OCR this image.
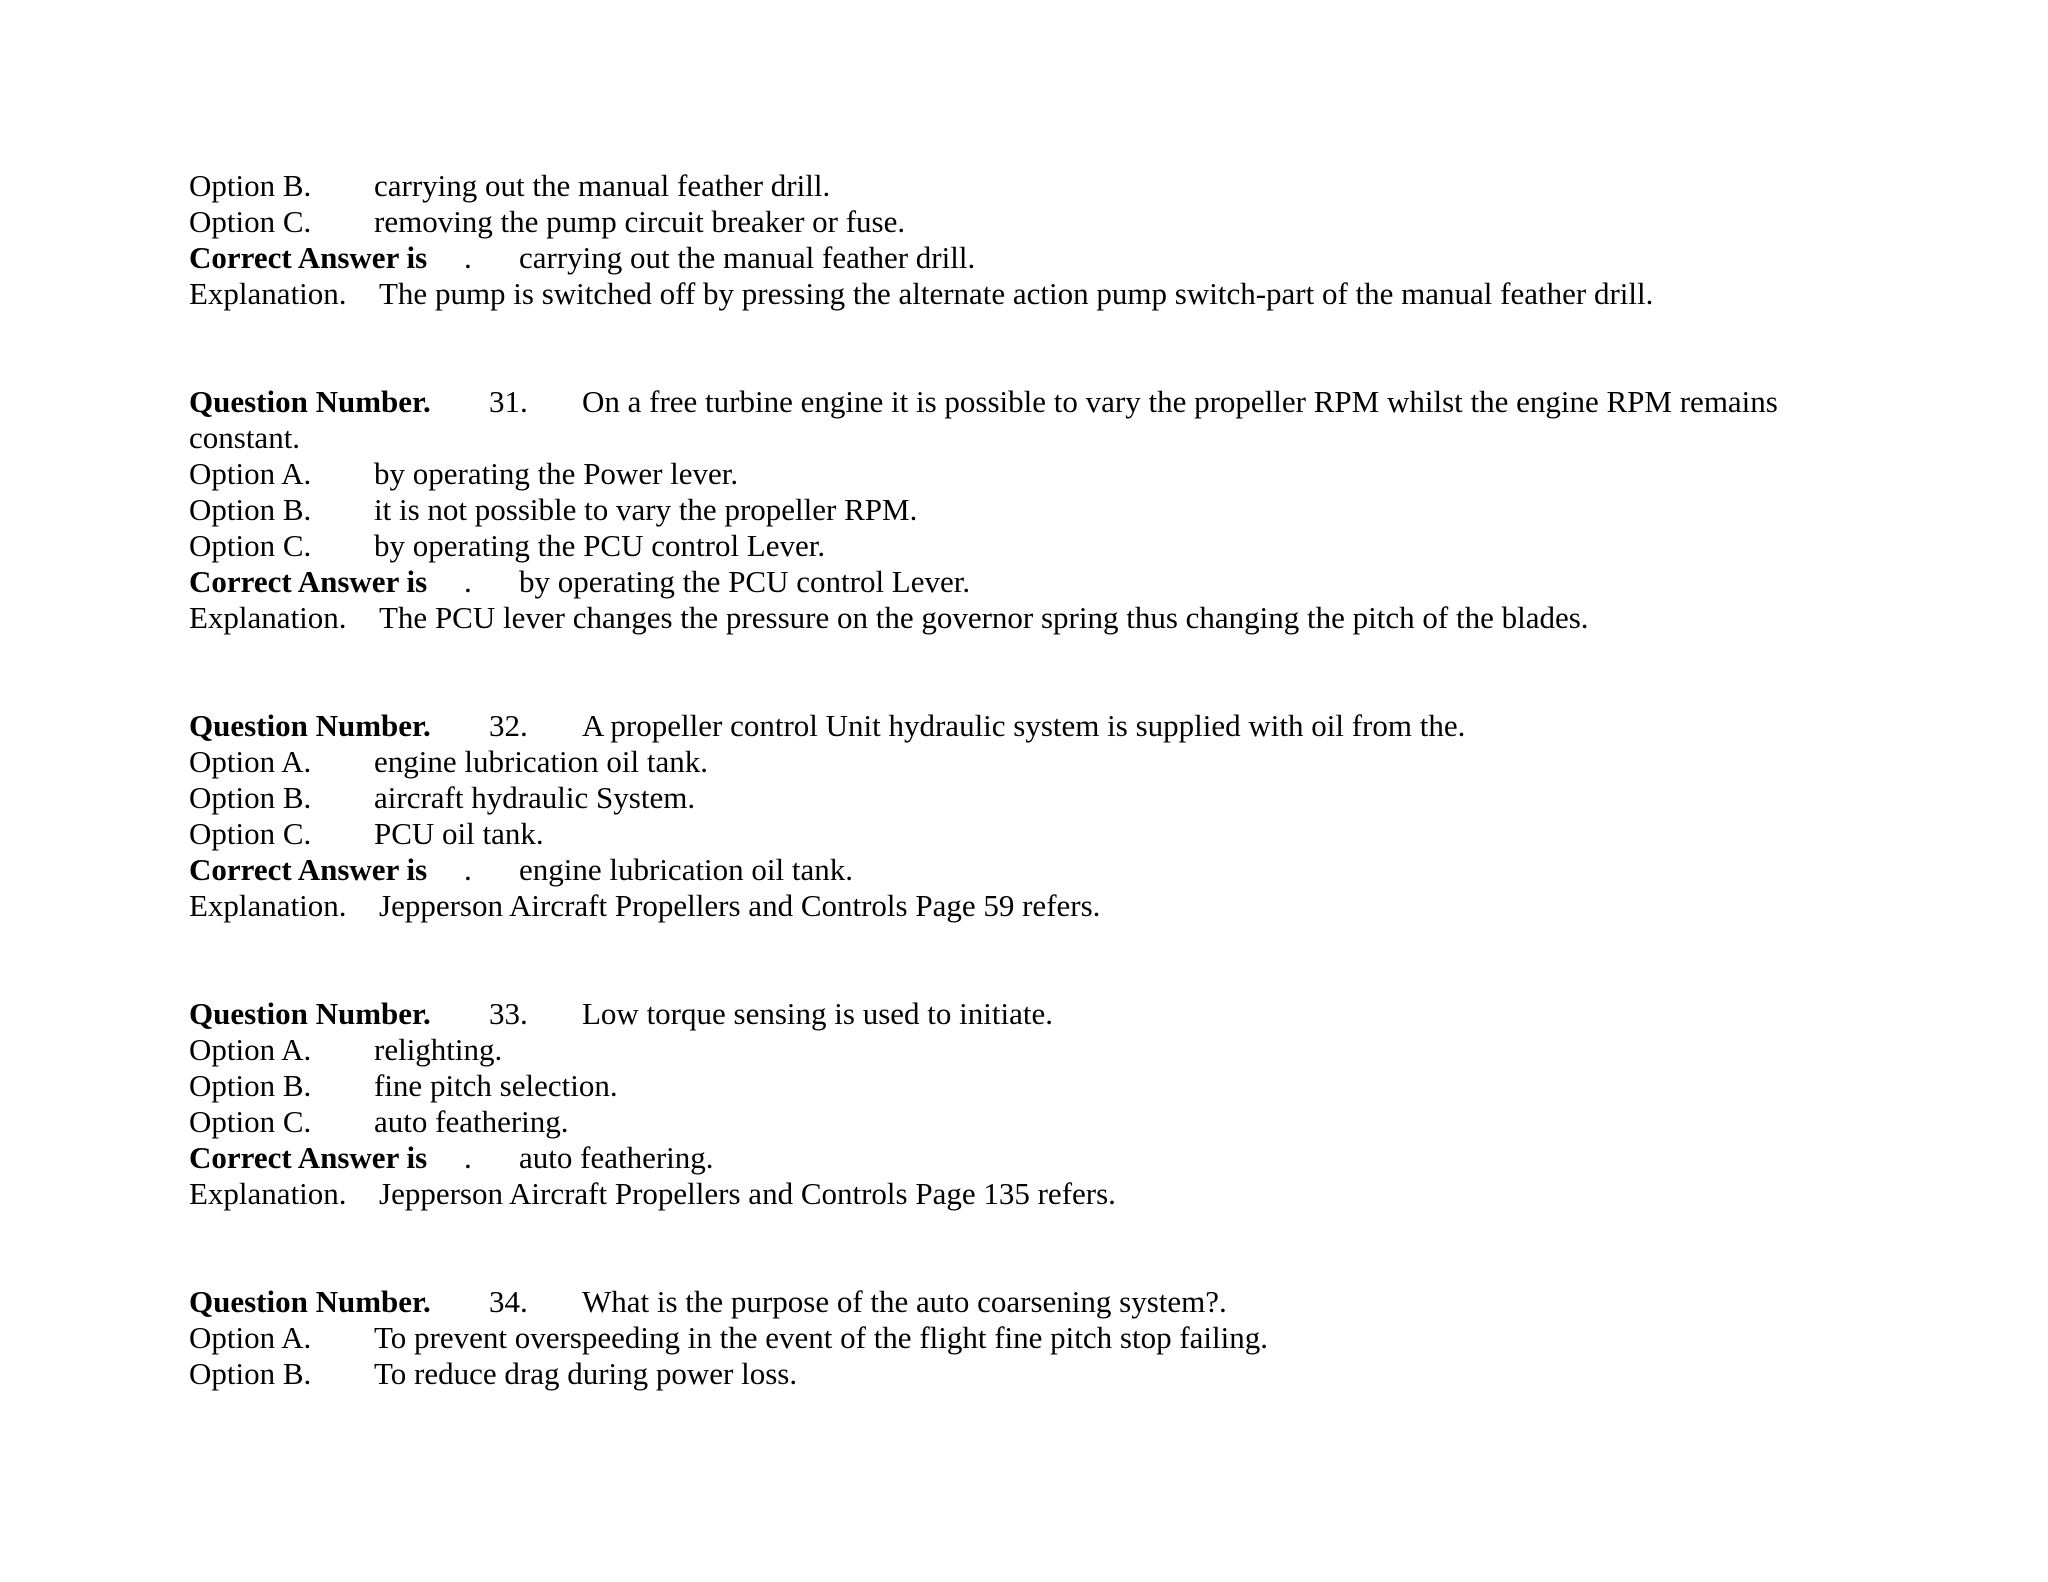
Option B. carrying out the manual feather drill.
Option C. removing the pump circuit breaker or fuse.
Correct Answer is . carrying out the manual feather drill.
Explanation. The pump is switched off by pressing the alternate action pump switch-part of the manual feather drill.
Question Number. 31. On a free turbine engine it is possible to vary the propeller RPM whilst the engine RPM remains
constant.
Option A. by operating the Power lever.
Option B. it is not possible to vary the propeller RPM.
Option C. by operating the PCU control Lever.
Correct Answer is . by operating the PCU control Lever.
Explanation. The PCU lever changes the pressure on the governor spring thus changing the pitch of the blades.
Question Number. 32. A propeller control Unit hydraulic system is supplied with oil from the.
Option A. engine lubrication oil tank.
Option B. aircraft hydraulic System.
Option C. PCU oil tank.
Correct Answer is . engine lubrication oil tank.
Explanation. Jepperson Aircraft Propellers and Controls Page 59 refers.
Question Number. 33. Low torque sensing is used to initiate.
Option A. relighting.
Option B. fine pitch selection.
Option C. auto feathering.
Correct Answer is . auto feathering.
Explanation. Jepperson Aircraft Propellers and Controls Page 135 refers.
Question Number. 34. What is the purpose of the auto coarsening system?.
Option A. To prevent overspeeding in the event of the flight fine pitch stop failing.
Option B. To reduce drag during power loss.
